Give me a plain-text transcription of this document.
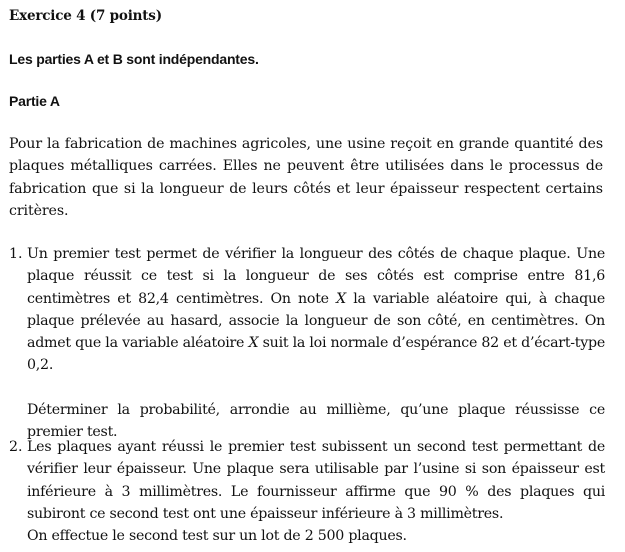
Exercice 4 (7 points)
Les parties A et B sont indépendantes.
Partie A
Pour la fabrication de machines agricoles, une usine reçoit en grande quantité des plaques métalliques carrées. Elles ne peuvent être utilisées dans le processus de fabrication que si la longueur de leurs côtés et leur épaisseur respectent certains critères.
1. Un premier test permet de vérifier la longueur des côtés de chaque plaque. Une plaque réussit ce test si la longueur de ses côtés est comprise entre 81,6 centimètres et 82,4 centimètres. On note X la variable aléatoire qui, à chaque plaque prélevée au hasard, associe la longueur de son côté, en centimètres. On admet que la variable aléatoire X suit la loi normale d’espérance 82 et d’écart-type 0,2.

Déterminer la probabilité, arrondie au millième, qu’une plaque réussisse ce premier test.

2. Les plaques ayant réussi le premier test subissent un second test permettant de vérifier leur épaisseur. Une plaque sera utilisable par l’usine si son épaisseur est inférieure à 3 millimètres. Le fournisseur affirme que 90 % des plaques qui subiront ce second test ont une épaisseur inférieure à 3 millimètres.

On effectue le second test sur un lot de 2 500 plaques.
